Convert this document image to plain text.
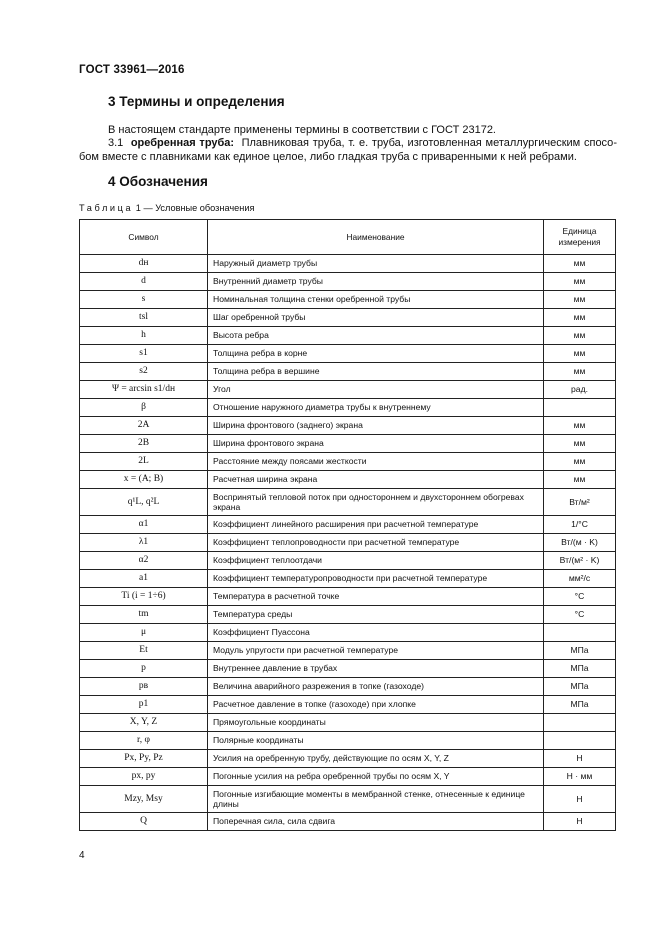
ГОСТ 33961—2016
3 Термины и определения
В настоящем стандарте применены термины в соответствии с ГОСТ 23172.
3.1 оребренная труба: Плавниковая труба, т. е. труба, изготовленная металлургическим способом вместе с плавниками как единое целое, либо гладкая труба с приваренными к ней ребрами.
4 Обозначения
Таблица 1 — Условные обозначения
Символ	Наименование	Единица измерения
dн	Наружный диаметр трубы	мм
d	Внутренний диаметр трубы	мм
s	Номинальная толщина стенки оребренной трубы	мм
tsl	Шаг оребренной трубы	мм
h	Высота ребра	мм
s1	Толщина ребра в корне	мм
s2	Толщина ребра в вершине	мм
Ψ = arcsin s1/dн	Угол	рад.
β	Отношение наружного диаметра трубы к внутреннему	
2A	Ширина фронтового (заднего) экрана	мм
2B	Ширина фронтового экрана	мм
2L	Расстояние между поясами жесткости	мм
x = (A; B)	Расчетная ширина экрана	мм
q¹L, q²L	Воспринятый тепловой поток при одностороннем и двухстороннем обогревах экрана	Вт/м²
α1	Коэффициент линейного расширения при расчетной температуре	1/°C
λ1	Коэффициент теплопроводности при расчетной температуре	Вт/(м · K)
α2	Коэффициент теплоотдачи	Вт/(м² · K)
a1	Коэффициент температуропроводности при расчетной температуре	мм²/с
Ti (i = 1÷6)	Температура в расчетной точке	°C
tm	Температура среды	°C
μ	Коэффициент Пуассона	
Et	Модуль упругости при расчетной температуре	МПа
p	Внутреннее давление в трубах	МПа
pв	Величина аварийного разрежения в топке (газоходе)	МПа
p1	Расчетное давление в топке (газоходе) при хлопке	МПа
X, Y, Z	Прямоугольные координаты	
r, φ	Полярные координаты	
Px, Py, Pz	Усилия на оребренную трубу, действующие по осям X, Y, Z	Н
px, py	Погонные усилия на ребра оребренной трубы по осям X, Y	Н · мм
Mzy, Msy	Погонные изгибающие моменты в мембранной стенке, отнесенные к единице длины	Н
Q	Поперечная сила, сила сдвига	Н
4
